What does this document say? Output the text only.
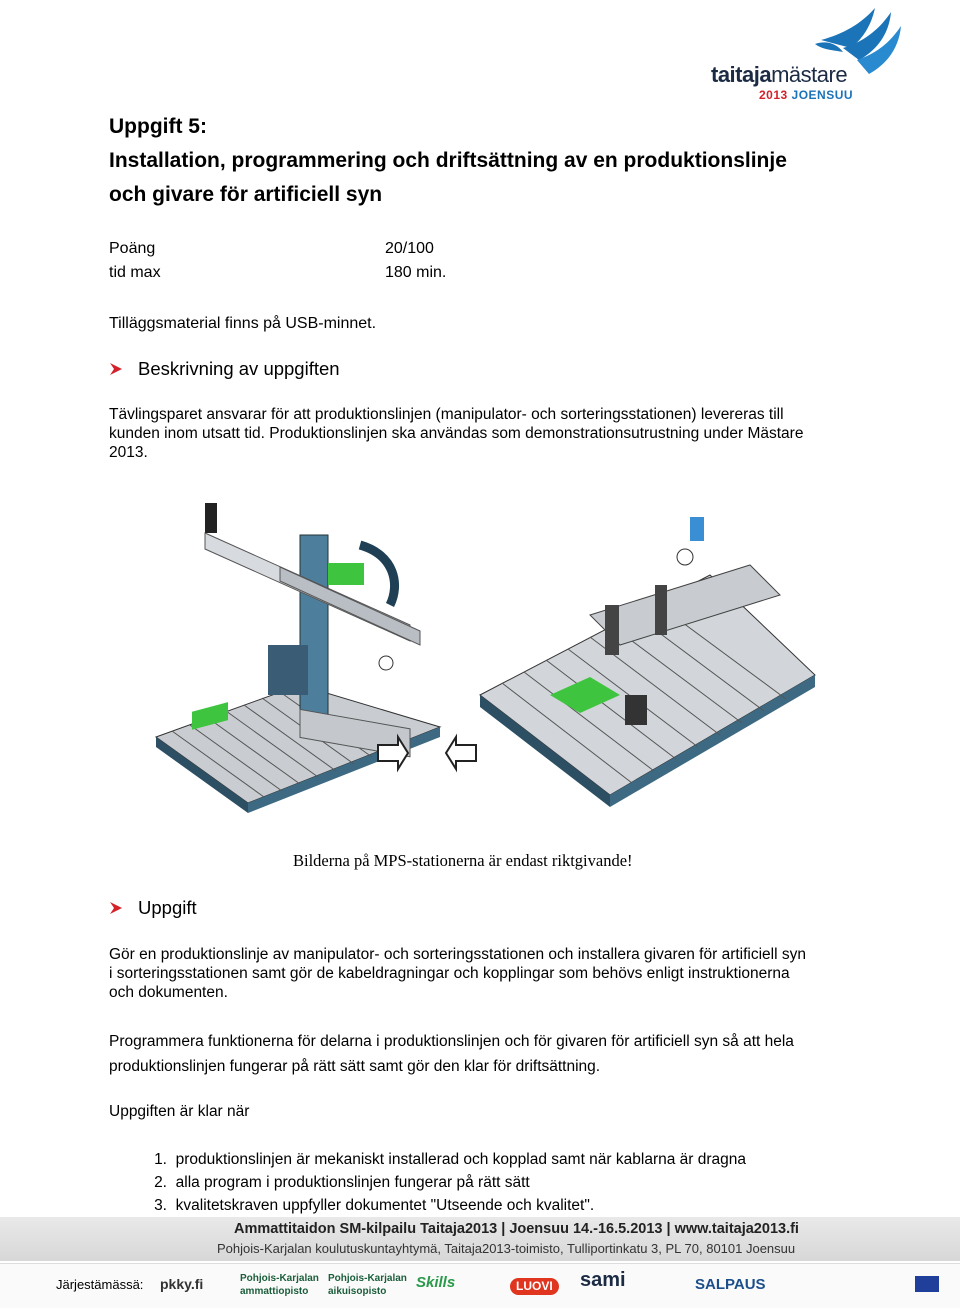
taitajamästare
2013 JOENSUU
Uppgift 5:
Installation, programmering och driftsättning av en produktionslinje
och givare för artificiell syn
Poäng	20/100
tid max	180 min.
Tilläggsmaterial finns på USB-minnet.
Beskrivning av uppgiften
Tävlingsparet ansvarar för att produktionslinjen (manipulator- och sorteringsstationen) levereras till
kunden inom utsatt tid. Produktionslinjen ska användas som demonstrationsutrustning under Mästare
2013.
Bilderna på MPS-stationerna är endast riktgivande!
Uppgift
Gör en produktionslinje av manipulator- och sorteringsstationen och installera givaren för artificiell syn
i sorteringsstationen samt gör de kabeldragningar och kopplingar som behövs enligt instruktionerna
och dokumenten.
Programmera funktionerna för delarna i produktionslinjen och för givaren för artificiell syn så att hela
produktionslinjen fungerar på rätt sätt samt gör den klar för driftsättning.
Uppgiften är klar när
1. produktionslinjen är mekaniskt installerad och kopplad samt när kablarna är dragna
2. alla program i produktionslinjen fungerar på rätt sätt
3. kvalitetskraven uppfyller dokumentet "Utseende och kvalitet".
Ammattitaidon SM-kilpailu Taitaja2013 | Joensuu 14.-16.5.2013 | www.taitaja2013.fi
Pohjois-Karjalan koulutuskuntayhtymä, Taitaja2013-toimisto, Tulliportinkatu 3, PL 70, 80101 Joensuu
Järjestämässä: pkky.fi	Pohjois-Karjalan ammattiopisto
Pohjois-Karjalan aikuisopisto
Skills	LUOVI	sami	SALPAUS
